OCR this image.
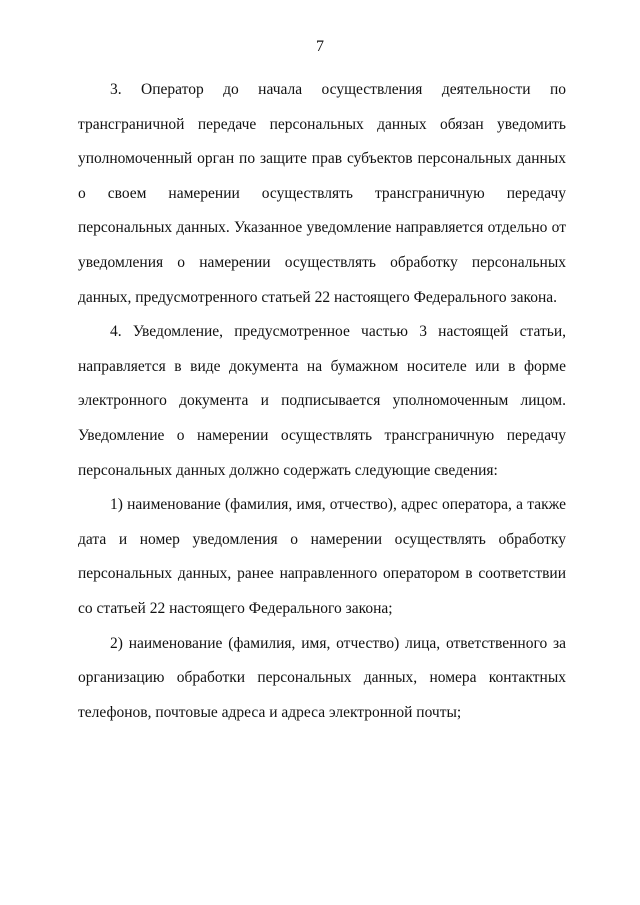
7

3. Оператор до начала осуществления деятельности по трансграничной передаче персональных данных обязан уведомить уполномоченный орган по защите прав субъектов персональных данных о своем намерении осуществлять трансграничную передачу персональных данных. Указанное уведомление направляется отдельно от уведомления о намерении осуществлять обработку персональных данных, предусмотренного статьей 22 настоящего Федерального закона.

4. Уведомление, предусмотренное частью 3 настоящей статьи, направляется в виде документа на бумажном носителе или в форме электронного документа и подписывается уполномоченным лицом. Уведомление о намерении осуществлять трансграничную передачу персональных данных должно содержать следующие сведения:

1) наименование (фамилия, имя, отчество), адрес оператора, а также дата и номер уведомления о намерении осуществлять обработку персональных данных, ранее направленного оператором в соответствии со статьей 22 настоящего Федерального закона;

2) наименование (фамилия, имя, отчество) лица, ответственного за организацию обработки персональных данных, номера контактных телефонов, почтовые адреса и адреса электронной почты;
